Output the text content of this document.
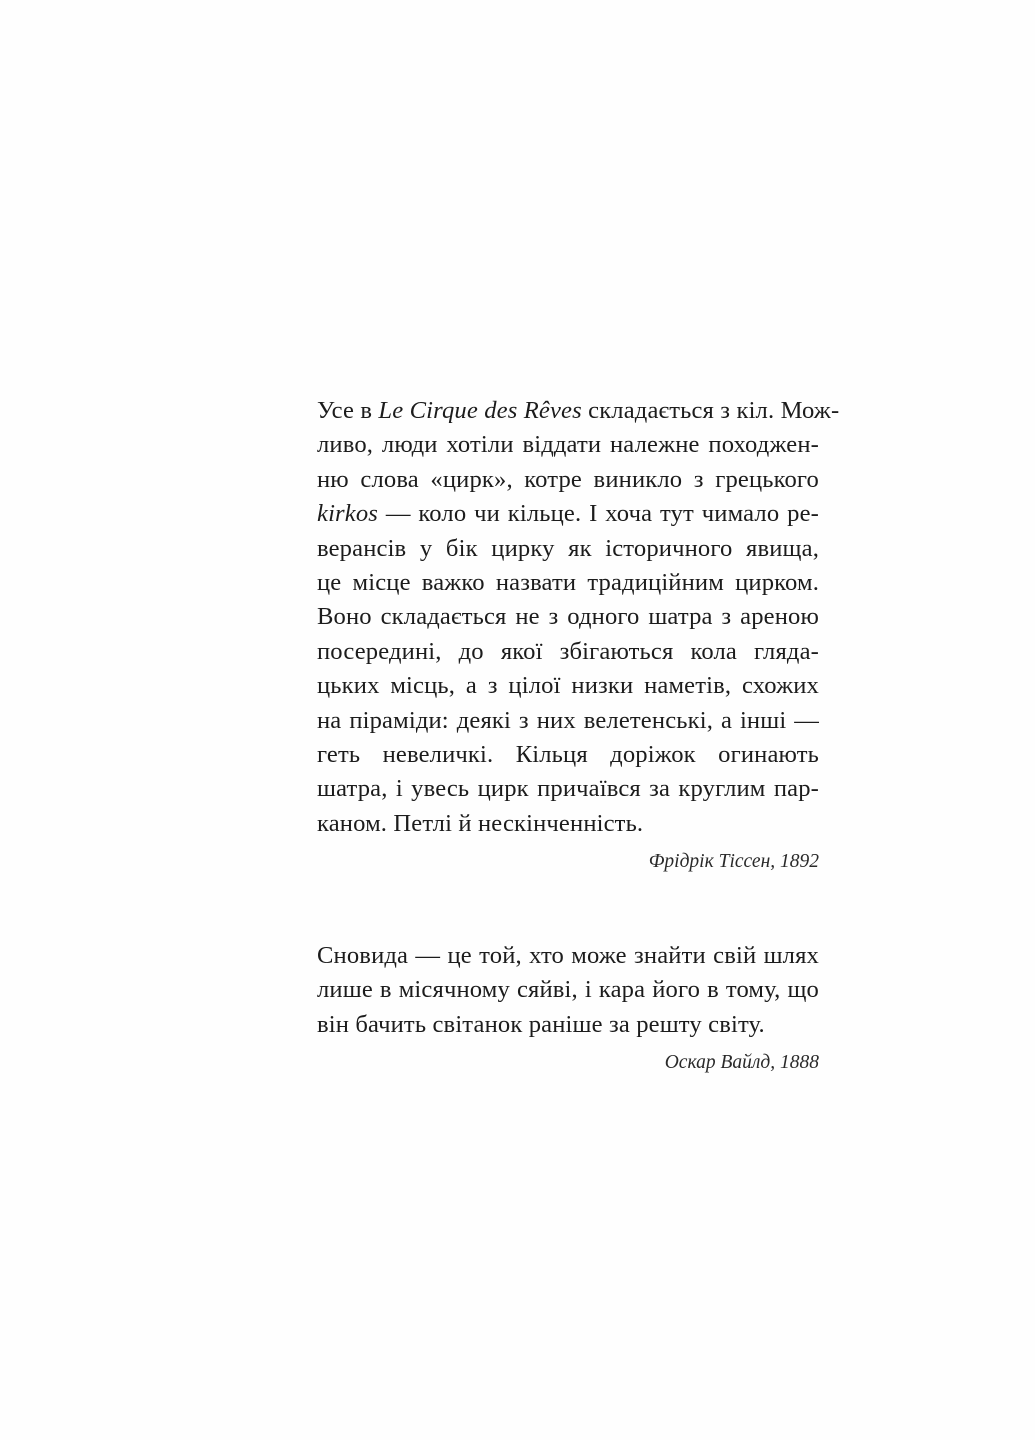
Усе в Le Cirque des Rêves складається з кіл. Мож-
ливо, люди хотіли віддати належне походжен-
ню слова «цирк», котре виникло з грецького
kirkos — коло чи кільце. І хоча тут чимало ре-
верансів у бік цирку як історичного явища,
це місце важко назвати традиційним цирком.
Воно складається не з одного шатра з ареною
посередині, до якої збігаються кола гляда-
цьких місць, а з цілої низки наметів, схожих
на піраміди: деякі з них велетенські, а інші —
геть невеличкі. Кільця доріжок огинають
шатра, і увесь цирк причаївся за круглим пар-
каном. Петлі й нескінченність.
Фрідрік Тіссен, 1892
Сновида — це той, хто може знайти свій шлях
лише в місячному сяйві, і кара його в тому, що
він бачить світанок раніше за решту світу.
Оскар Вайлд, 1888
